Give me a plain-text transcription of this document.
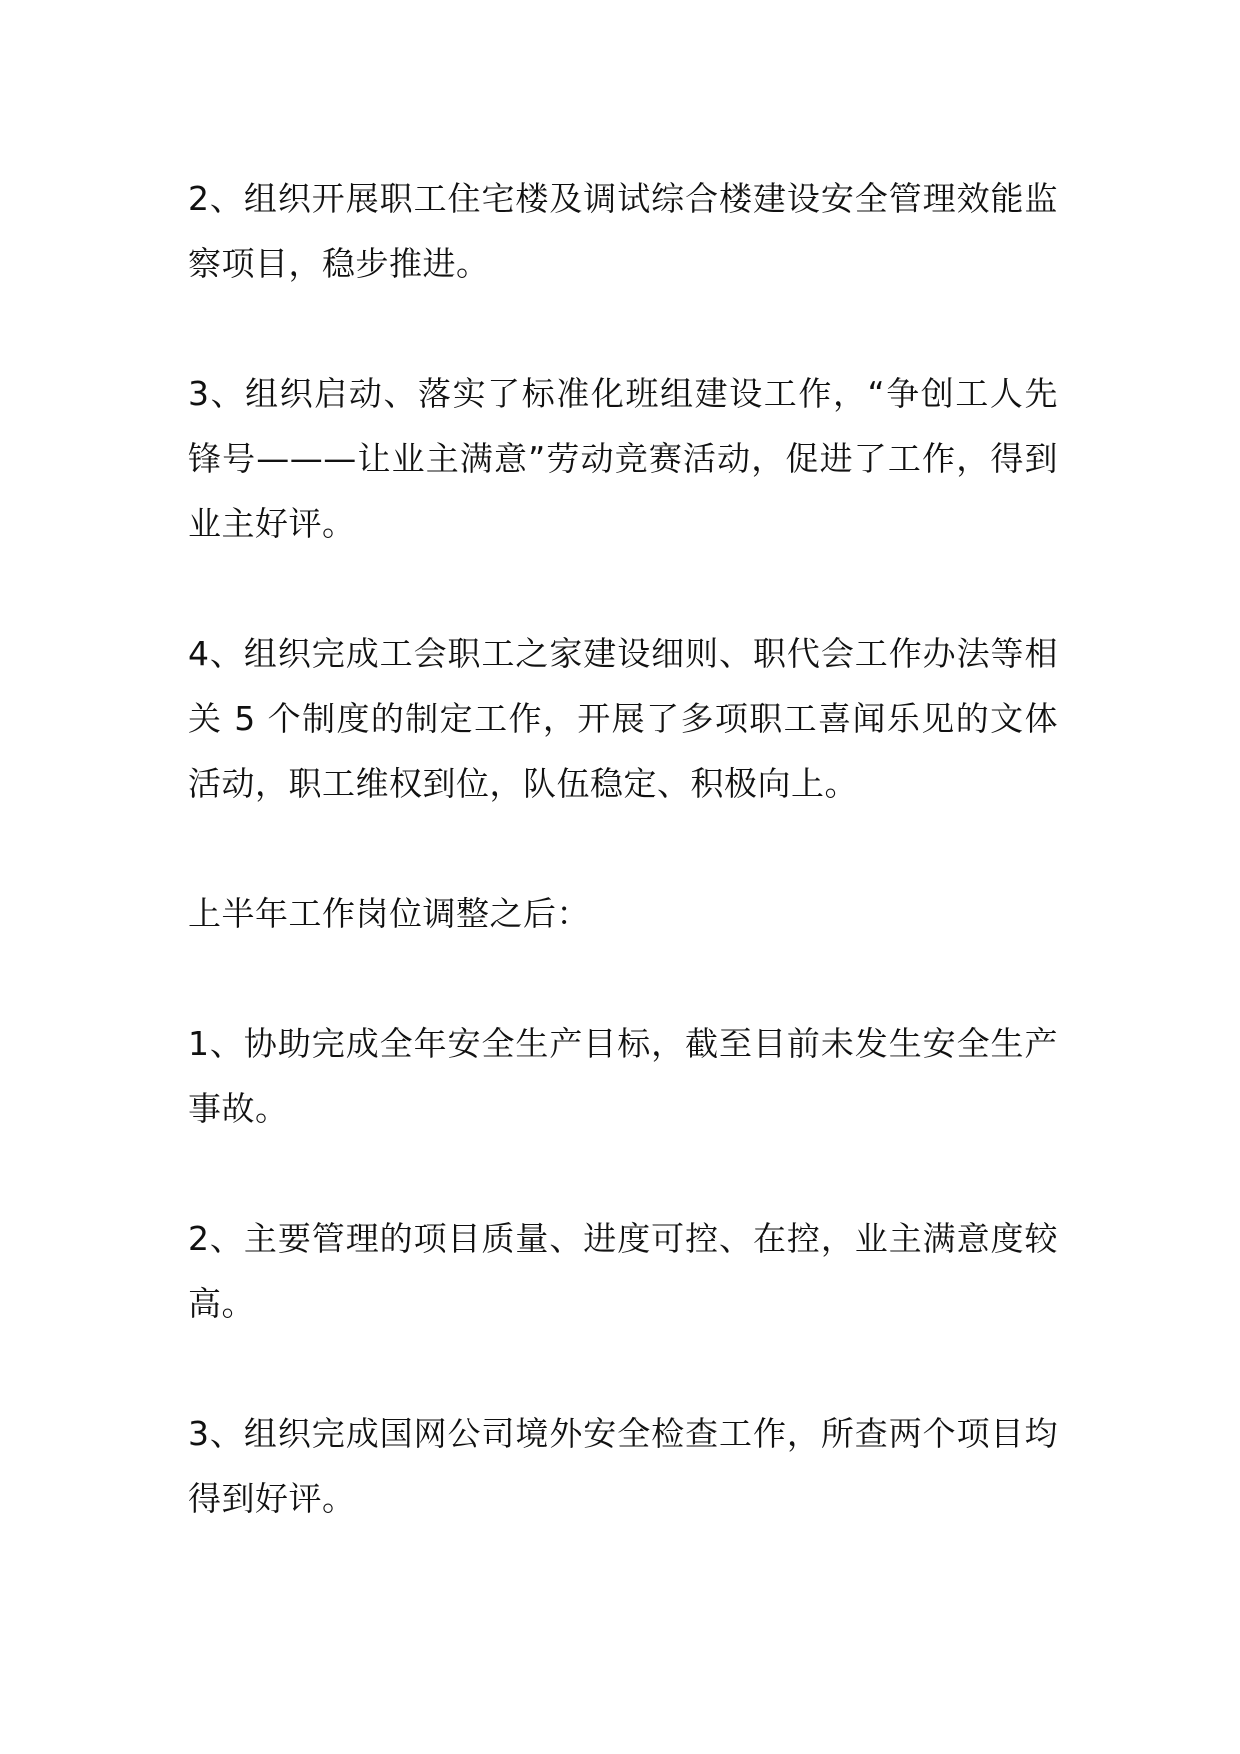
2、组织开展职工住宅楼及调试综合楼建设安全管理效能监察项目，稳步推进。

3、组织启动、落实了标准化班组建设工作，“争创工人先锋号———让业主满意”劳动竞赛活动，促进了工作，得到业主好评。

4、组织完成工会职工之家建设细则、职代会工作办法等相关 5 个制度的制定工作，开展了多项职工喜闻乐见的文体活动，职工维权到位，队伍稳定、积极向上。

上半年工作岗位调整之后：

1、协助完成全年安全生产目标，截至目前未发生安全生产事故。

2、主要管理的项目质量、进度可控、在控，业主满意度较高。

3、组织完成国网公司境外安全检查工作，所查两个项目均得到好评。
